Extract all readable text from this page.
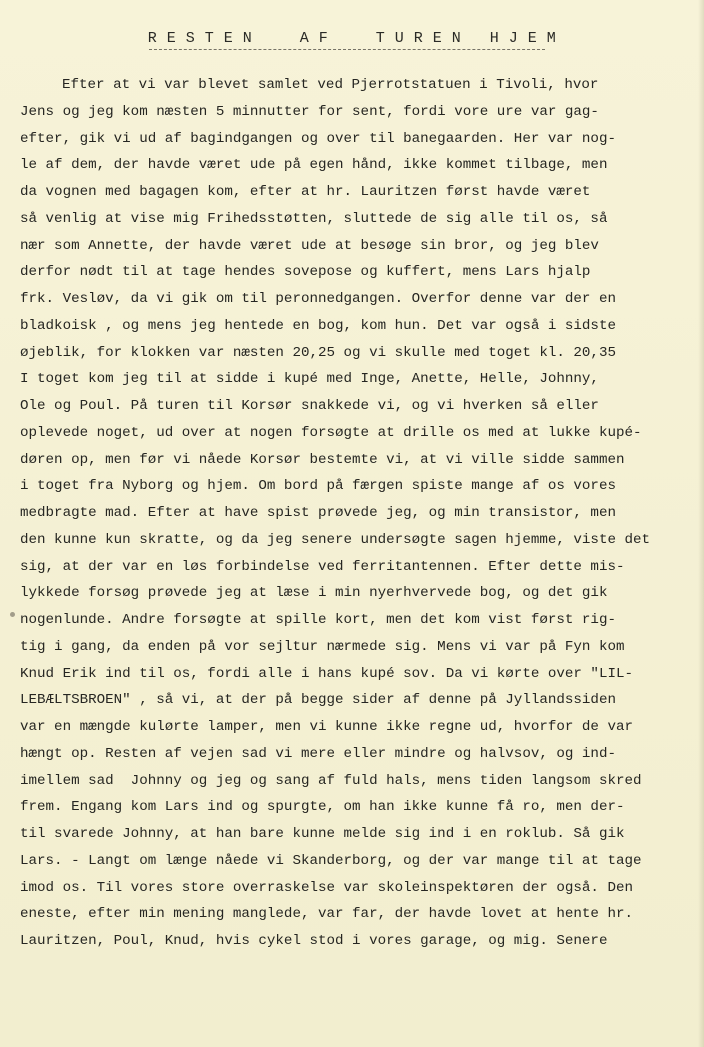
R E S T E N     A F     T U R E N   H J E M
Efter at vi var blevet samlet ved Pjerrotstatuen i Tivoli, hvor
Jens og jeg kom næsten 5 minnutter for sent, fordi vore ure var gag-
efter, gik vi ud af bagindgangen og over til banegaarden. Her var nog-
le af dem, der havde været ude på egen hånd, ikke kommet tilbage, men
da vognen med bagagen kom, efter at hr. Lauritzen først havde været
så venlig at vise mig Frihedsstøtten, sluttede de sig alle til os, så
nær som Annette, der havde været ude at besøge sin bror, og jeg blev
derfor nødt til at tage hendes sovepose og kuffert, mens Lars hjalp
frk. Vesløv, da vi gik om til peronnedgangen. Overfor denne var der en
bladkoisk , og mens jeg hentede en bog, kom hun. Det var også i sidste
øjeblik, for klokken var næsten 20,25 og vi skulle med toget kl. 20,35
I toget kom jeg til at sidde i kupé med Inge, Anette, Helle, Johnny,
Ole og Poul. På turen til Korsør snakkede vi, og vi hverken så eller
oplevede noget, ud over at nogen forsøgte at drille os med at lukke kupé-
døren op, men før vi nåede Korsør bestemte vi, at vi ville sidde sammen
i toget fra Nyborg og hjem. Om bord på færgen spiste mange af os vores
medbragte mad. Efter at have spist prøvede jeg, og min transistor, men
den kunne kun skratte, og da jeg senere undersøgte sagen hjemme, viste det
sig, at der var en løs forbindelse ved ferritantennen. Efter dette mis-
lykkede forsøg prøvede jeg at læse i min nyerhvervede bog, og det gik
nogenlunde. Andre forsøgte at spille kort, men det kom vist først rig-
tig i gang, da enden på vor sejltur nærmede sig. Mens vi var på Fyn kom
Knud Erik ind til os, fordi alle i hans kupé sov. Da vi kørte over "LIL-
LEBÆLTSBROEN" , så vi, at der på begge sider af denne på Jyllandssiden
var en mængde kulørte lamper, men vi kunne ikke regne ud, hvorfor de var
hængt op. Resten af vejen sad vi mere eller mindre og halvsov, og ind-
imellem sad  Johnny og jeg og sang af fuld hals, mens tiden langsom skred
frem. Engang kom Lars ind og spurgte, om han ikke kunne få ro, men der-
til svarede Johnny, at han bare kunne melde sig ind i en roklub. Så gik
Lars. - Langt om længe nåede vi Skanderborg, og der var mange til at tage
imod os. Til vores store overraskelse var skoleinspektøren der også. Den
eneste, efter min mening manglede, var far, der havde lovet at hente hr.
Lauritzen, Poul, Knud, hvis cykel stod i vores garage, og mig. Senere
